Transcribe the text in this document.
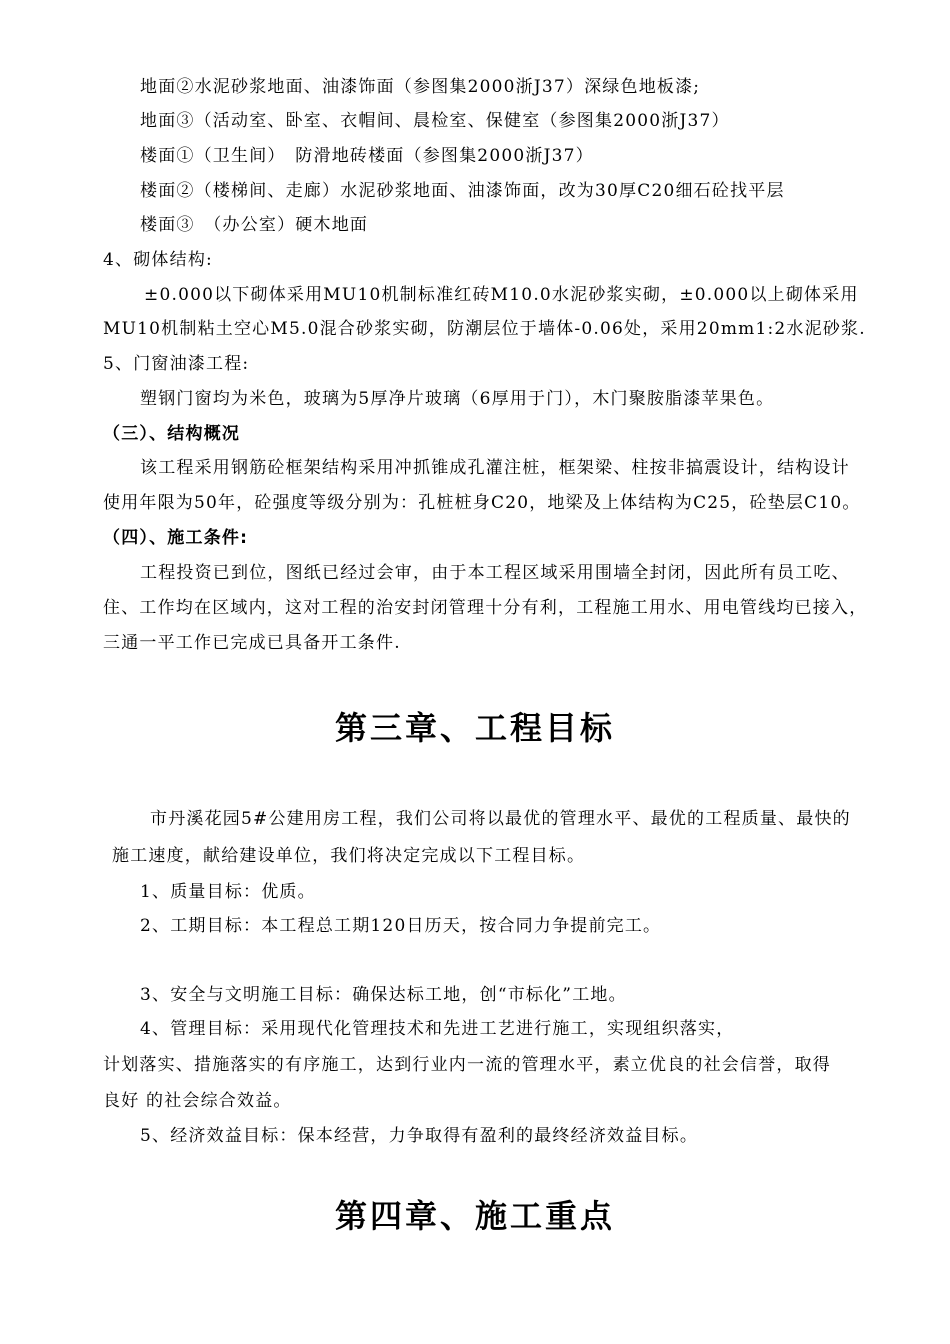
地面②水泥砂浆地面、油漆饰面（参图集2000浙J37）深绿色地板漆;
地面③（活动室、卧室、衣帽间、晨检室、保健室（参图集2000浙J37）
楼面①（卫生间）　防滑地砖楼面（参图集2000浙J37）
楼面②（楼梯间、走廊）水泥砂浆地面、油漆饰面，改为30厚C20细石砼找平层
楼面③　（办公室）硬木地面
4、砌体结构:
±0.000以下砌体采用MU10机制标准红砖M10.0水泥砂浆实砌，±0.000以上砌体采用
MU10机制粘土空心M5.0混合砂浆实砌，防潮层位于墙体-0.06处，采用20mm1:2水泥砂浆.
5、门窗油漆工程:
塑钢门窗均为米色，玻璃为5厚净片玻璃（6厚用于门），木门聚胺脂漆苹果色。
（三）、结构概况
该工程采用钢筋砼框架结构采用冲抓锥成孔灌注桩，框架梁、柱按非搞震设计，结构设计
使用年限为50年，砼强度等级分别为：孔桩桩身C20，地梁及上体结构为C25，砼垫层C10。
（四）、施工条件:
工程投资已到位，图纸已经过会审，由于本工程区域采用围墙全封闭，因此所有员工吃、
住、工作均在区域内，这对工程的治安封闭管理十分有利，工程施工用水、用电管线均已接入，
三通一平工作已完成已具备开工条件.
第三章、工程目标
市丹溪花园5#公建用房工程，我们公司将以最优的管理水平、最优的工程质量、最快的
施工速度，献给建设单位，我们将决定完成以下工程目标。
1、质量目标：优质。
2、工期目标：本工程总工期120日历天，按合同力争提前完工。
3、安全与文明施工目标：确保达标工地，创“市标化”工地。
4、管理目标：采用现代化管理技术和先进工艺进行施工，实现组织落实，
计划落实、措施落实的有序施工，达到行业内一流的管理水平，素立优良的社会信誉，取得
良好 的社会综合效益。
5、经济效益目标：保本经营，力争取得有盈利的最终经济效益目标。
第四章、施工重点
